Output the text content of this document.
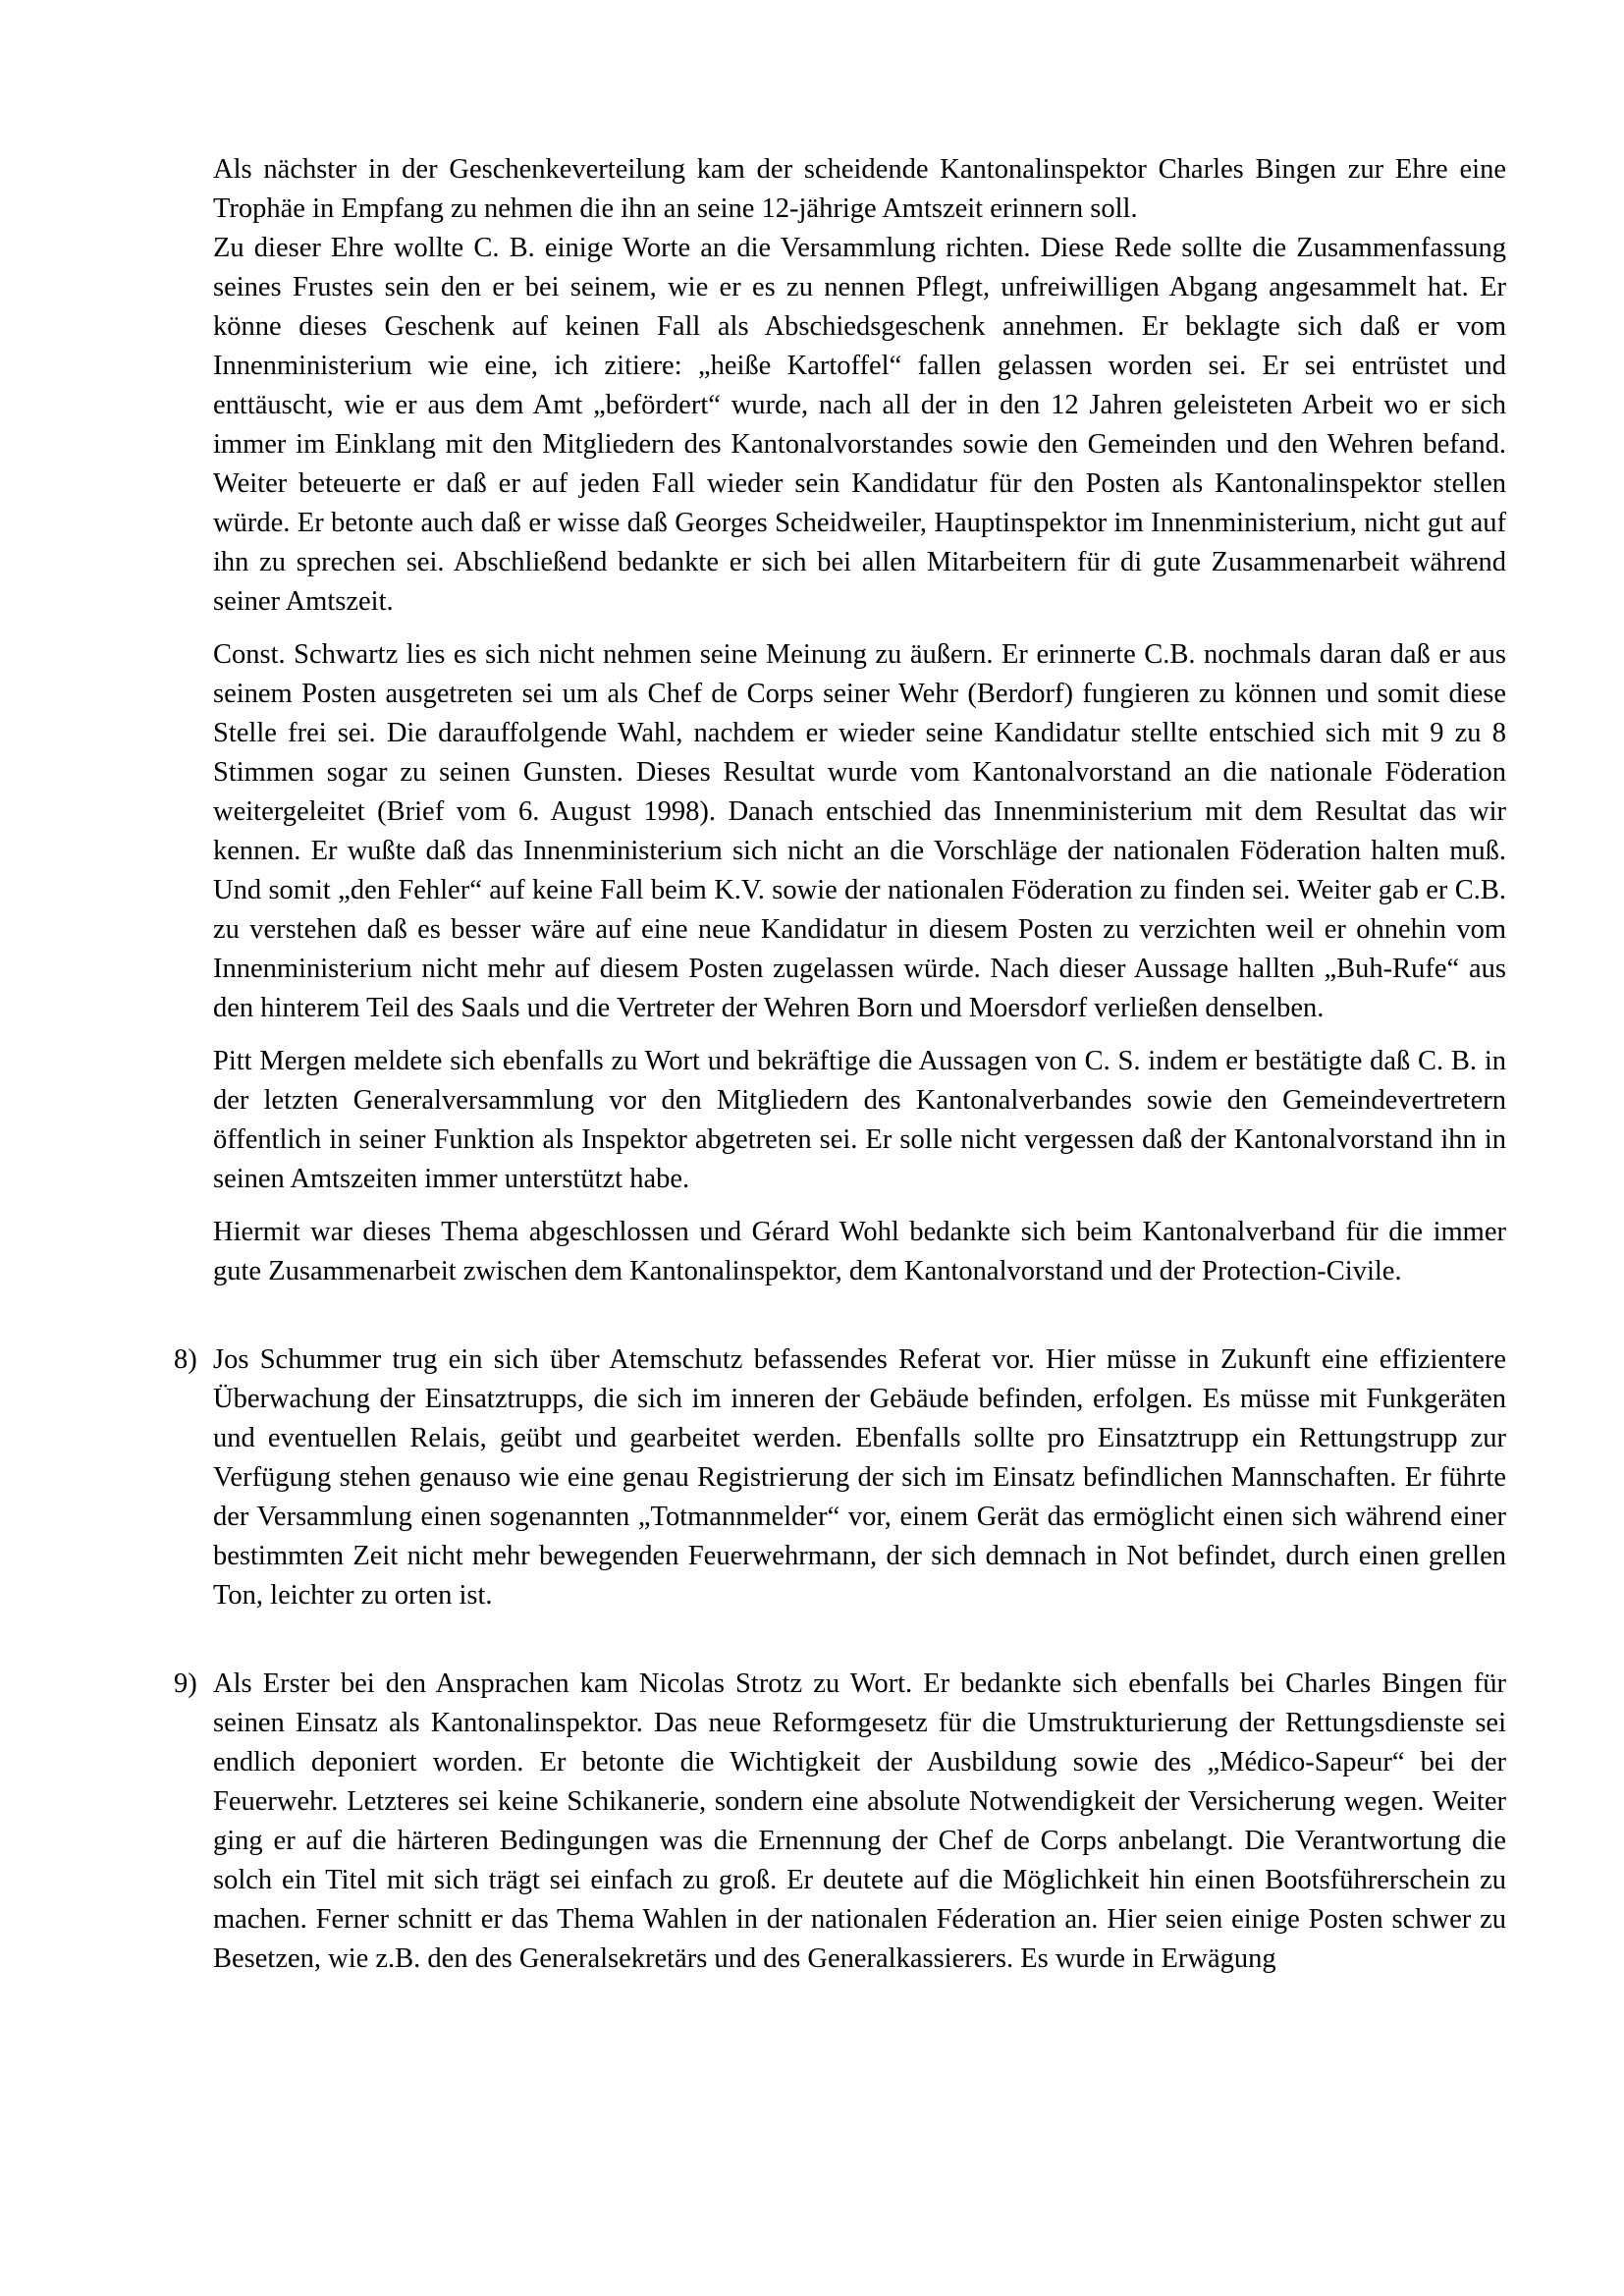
Als nächster in der Geschenkeverteilung kam der scheidende Kantonalinspektor Charles Bingen zur Ehre eine Trophäe in Empfang zu nehmen die ihn an seine 12-jährige Amtszeit erinnern soll.

Zu dieser Ehre wollte C. B. einige Worte an die Versammlung richten. Diese Rede sollte die Zusammenfassung seines Frustes sein den er bei seinem, wie er es zu nennen Pflegt, unfreiwilligen Abgang angesammelt hat. Er könne dieses Geschenk auf keinen Fall als Abschiedsgeschenk annehmen. Er beklagte sich daß er vom Innenministerium wie eine, ich zitiere: „heiße Kartoffel“ fallen gelassen worden sei. Er sei entrüstet und enttäuscht, wie er aus dem Amt „befördert“ wurde, nach all der in den 12 Jahren geleisteten Arbeit wo er sich immer im Einklang mit den Mitgliedern des Kantonalvorstandes sowie den Gemeinden und den Wehren befand. Weiter beteuerte er daß er auf jeden Fall wieder sein Kandidatur für den Posten als Kantonalinspektor stellen würde. Er betonte auch daß er wisse daß Georges Scheidweiler, Hauptinspektor im Innenministerium, nicht gut auf ihn zu sprechen sei. Abschließend bedankte er sich bei allen Mitarbeitern für di gute Zusammenarbeit während seiner Amtszeit.

Const. Schwartz lies es sich nicht nehmen seine Meinung zu äußern. Er erinnerte C.B. nochmals daran daß er aus seinem Posten ausgetreten sei um als Chef de Corps seiner Wehr (Berdorf) fungieren zu können und somit diese Stelle frei sei. Die darauffolgende Wahl, nachdem er wieder seine Kandidatur stellte entschied sich mit 9 zu 8 Stimmen sogar zu seinen Gunsten. Dieses Resultat wurde vom Kantonalvorstand an die nationale Föderation weitergeleitet (Brief vom 6. August 1998). Danach entschied das Innenministerium mit dem Resultat das wir kennen. Er wußte daß das Innenministerium sich nicht an die Vorschläge der nationalen Föderation halten muß. Und somit „den Fehler“ auf keine Fall beim K.V. sowie der nationalen Föderation zu finden sei. Weiter gab er C.B. zu verstehen daß es besser wäre auf eine neue Kandidatur in diesem Posten zu verzichten weil er ohnehin vom Innenministerium nicht mehr auf diesem Posten zugelassen würde. Nach dieser Aussage hallten „Buh-Rufe“ aus den hinterem Teil des Saals und die Vertreter der Wehren Born und Moersdorf verließen denselben.

Pitt Mergen meldete sich ebenfalls zu Wort und bekräftige die Aussagen von C. S. indem er bestätigte daß C. B. in der letzten Generalversammlung vor den Mitgliedern des Kantonalverbandes sowie den Gemeindevertretern öffentlich in seiner Funktion als Inspektor abgetreten sei. Er solle nicht vergessen daß der Kantonalvorstand ihn in seinen Amtszeiten immer unterstützt habe.

Hiermit war dieses Thema abgeschlossen und Gérard Wohl bedankte sich beim Kantonalverband für die immer gute Zusammenarbeit zwischen dem Kantonalinspektor, dem Kantonalvorstand und der Protection-Civile.

8) Jos Schummer trug ein sich über Atemschutz befassendes Referat vor. Hier müsse in Zukunft eine effizientere Überwachung der Einsatztrupps, die sich im inneren der Gebäude befinden, erfolgen. Es müsse mit Funkgeräten und eventuellen Relais, geübt und gearbeitet werden. Ebenfalls sollte pro Einsatztrupp ein Rettungstrupp zur Verfügung stehen genauso wie eine genau Registrierung der sich im Einsatz befindlichen Mannschaften. Er führte der Versammlung einen sogenannten „Totmannmelder“ vor, einem Gerät das ermöglicht einen sich während einer bestimmten Zeit nicht mehr bewegenden Feuerwehrmann, der sich demnach in Not befindet, durch einen grellen Ton, leichter zu orten ist.

9) Als Erster bei den Ansprachen kam Nicolas Strotz zu Wort. Er bedankte sich ebenfalls bei Charles Bingen für seinen Einsatz als Kantonalinspektor. Das neue Reformgesetz für die Umstrukturierung der Rettungsdienste sei endlich deponiert worden. Er betonte die Wichtigkeit der Ausbildung sowie des „Médico-Sapeur“ bei der Feuerwehr. Letzteres sei keine Schikanerie, sondern eine absolute Notwendigkeit der Versicherung wegen. Weiter ging er auf die härteren Bedingungen was die Ernennung der Chef de Corps anbelangt. Die Verantwortung die solch ein Titel mit sich trägt sei einfach zu groß. Er deutete auf die Möglichkeit hin einen Bootsführerschein zu machen. Ferner schnitt er das Thema Wahlen in der nationalen Féderation an. Hier seien einige Posten schwer zu Besetzen, wie z.B. den des Generalsekretärs und des Generalkassierers. Es wurde in Erwägung
